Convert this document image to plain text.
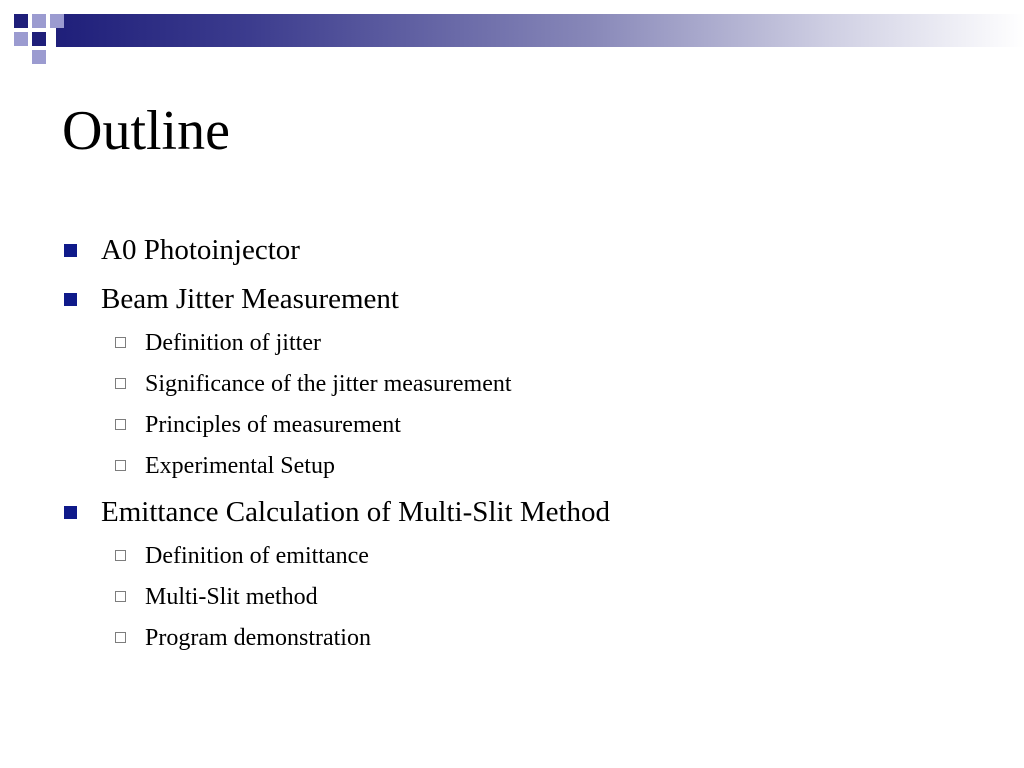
Outline
A0 Photoinjector
Beam Jitter Measurement
Definition of jitter
Significance of the jitter measurement
Principles of measurement
Experimental Setup
Emittance Calculation of Multi-Slit Method
Definition of emittance
Multi-Slit method
Program demonstration
